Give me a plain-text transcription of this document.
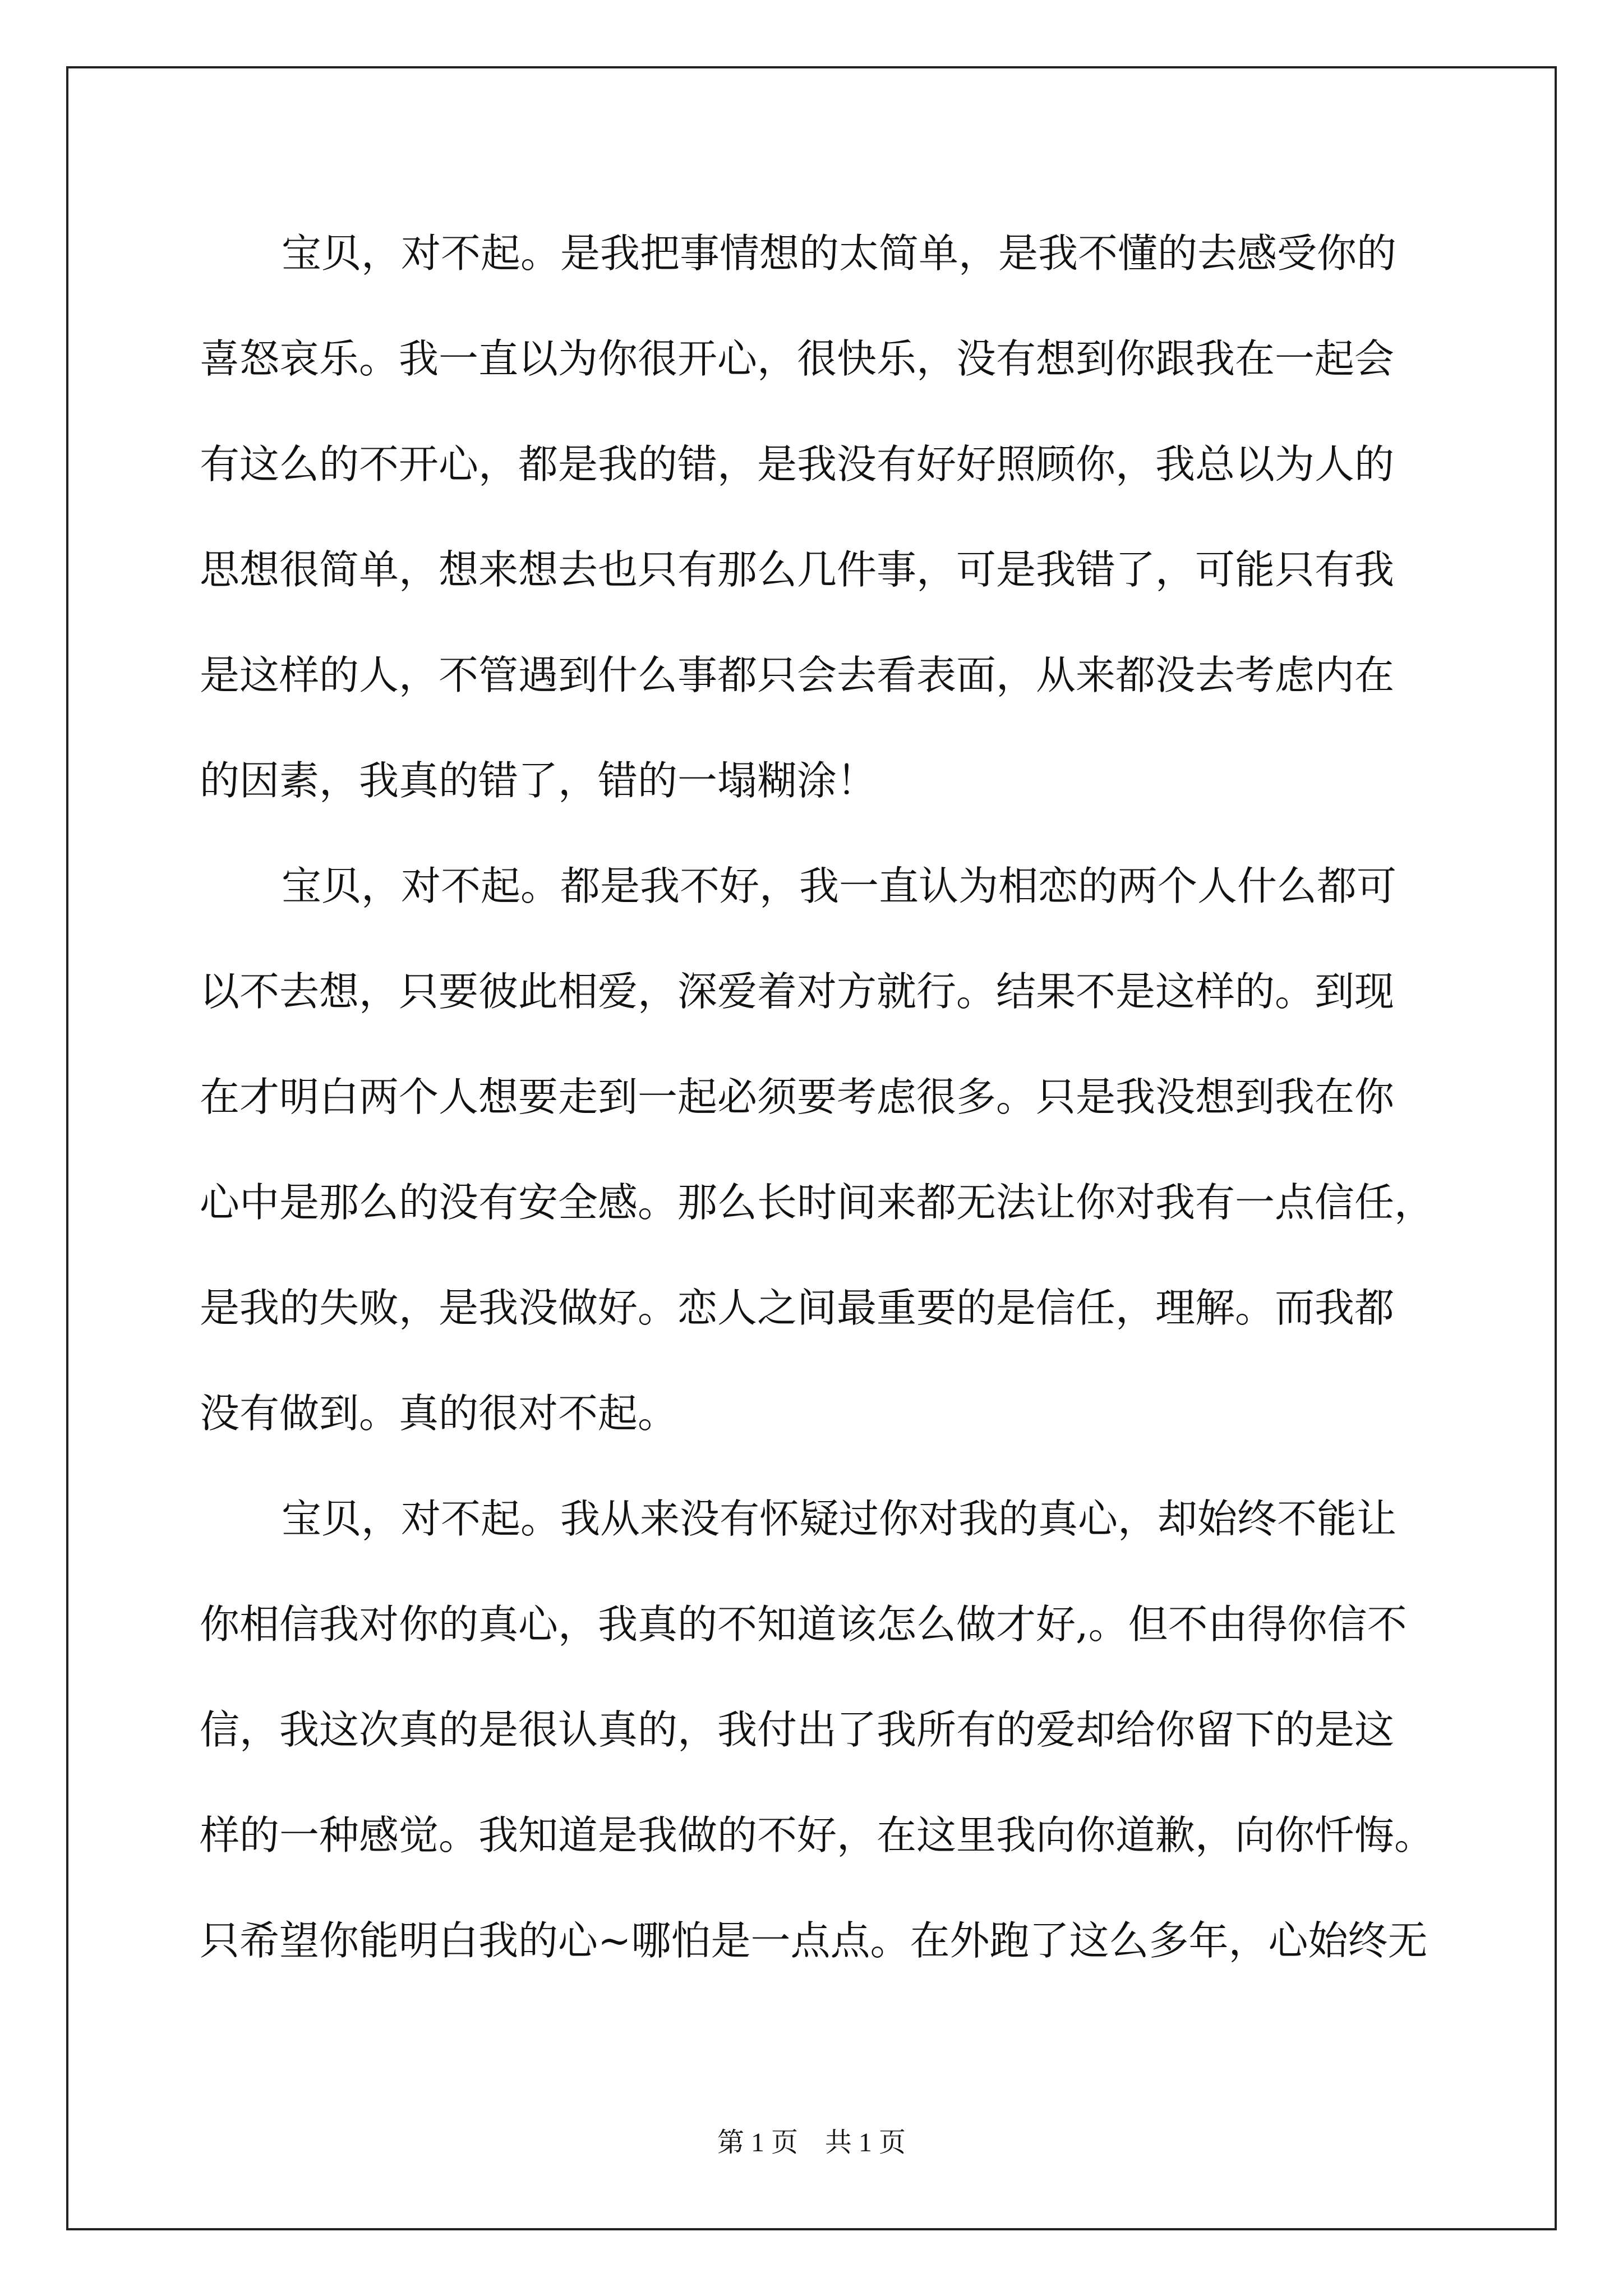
宝贝，对不起。是我把事情想的太简单，是我不懂的去感受你的
喜怒哀乐。我一直以为你很开心，很快乐，没有想到你跟我在一起会
有这么的不开心，都是我的错，是我没有好好照顾你，我总以为人的
思想很简单，想来想去也只有那么几件事，可是我错了，可能只有我
是这样的人，不管遇到什么事都只会去看表面，从来都没去考虑内在
的因素，我真的错了，错的一塌糊涂！
宝贝，对不起。都是我不好，我一直认为相恋的两个人什么都可
以不去想，只要彼此相爱，深爱着对方就行。结果不是这样的。到现
在才明白两个人想要走到一起必须要考虑很多。只是我没想到我在你
心中是那么的没有安全感。那么长时间来都无法让你对我有一点信任，
是我的失败，是我没做好。恋人之间最重要的是信任，理解。而我都
没有做到。真的很对不起。
宝贝，对不起。我从来没有怀疑过你对我的真心，却始终不能让
你相信我对你的真心，我真的不知道该怎么做才好,。但不由得你信不
信，我这次真的是很认真的，我付出了我所有的爱却给你留下的是这
样的一种感觉。我知道是我做的不好，在这里我向你道歉，向你忏悔。
只希望你能明白我的心~哪怕是一点点。在外跑了这么多年，心始终无
第 1 页　共 1 页
